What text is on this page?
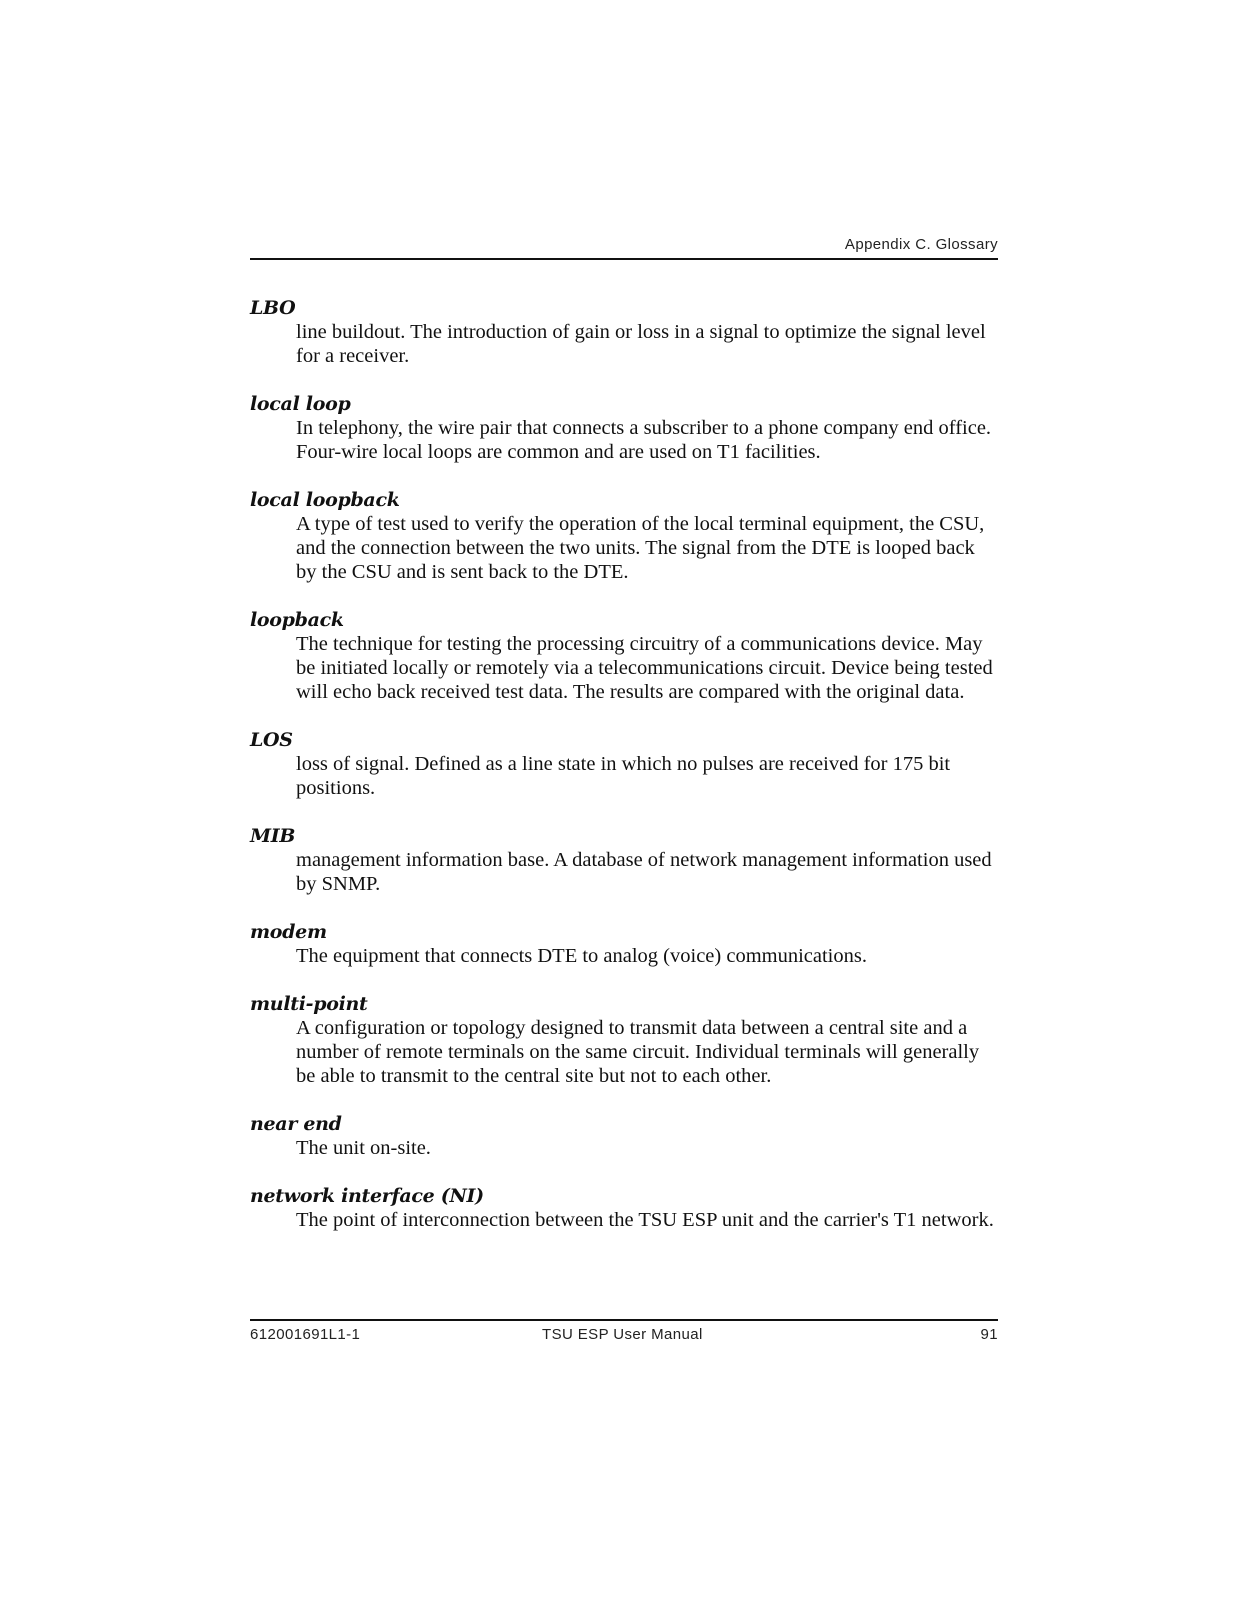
Appendix C. Glossary
LBO
line buildout. The introduction of gain or loss in a signal to optimize the signal level for a receiver.
local loop
In telephony, the wire pair that connects a subscriber to a phone company end office. Four-wire local loops are common and are used on T1 facilities.
local loopback
A type of test used to verify the operation of the local terminal equipment, the CSU, and the connection between the two units. The signal from the DTE is looped back by the CSU and is sent back to the DTE.
loopback
The technique for testing the processing circuitry of a communications device. May be initiated locally or remotely via a telecommunications circuit. Device being tested will echo back received test data. The results are compared with the original data.
LOS
loss of signal. Defined as a line state in which no pulses are received for 175 bit positions.
MIB
management information base. A database of network management information used by SNMP.
modem
The equipment that connects DTE to analog (voice) communications.
multi-point
A configuration or topology designed to transmit data between a central site and a number of remote terminals on the same circuit. Individual terminals will generally be able to transmit to the central site but not to each other.
near end
The unit on-site.
network interface (NI)
The point of interconnection between the TSU ESP unit and the carrier's T1 network.
612001691L1-1	TSU ESP User Manual	91
